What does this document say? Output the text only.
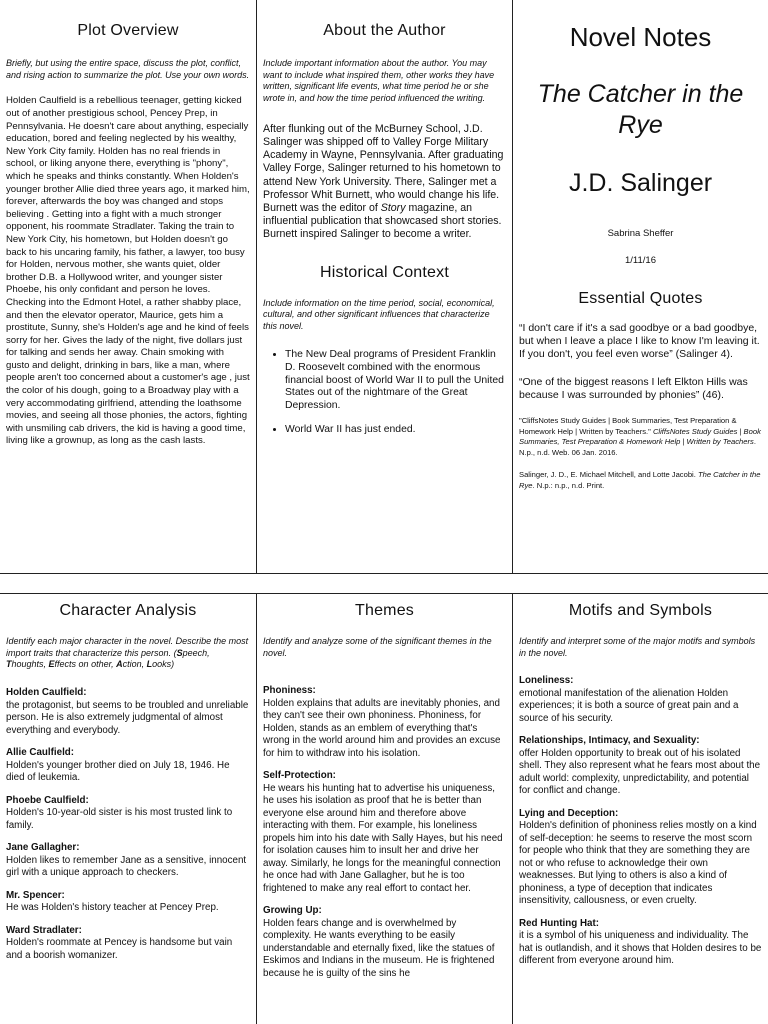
Plot Overview

Briefly, but using the entire space, discuss the plot, conflict, and rising action to summarize the plot. Use your own words.

Holden Caulfield is a rebellious teenager, getting kicked out of another prestigious school, Pencey Prep, in Pennsylvania. He doesn't care about anything, especially education, bored and feeling neglected by his wealthy, New York City family. Holden has no real friends in school, or liking anyone there, everything is "phony", which he speaks and thinks constantly. When Holden's younger brother Allie died three years ago, it marked him, forever, afterwards the boy was changed and stops believing . Getting into a fight with a much stronger opponent, his roommate Stradlater. Taking the train to New York City, his hometown, but Holden doesn't go back to his uncaring family, his father, a lawyer, too busy for Holden, nervous mother, she wants quiet, older brother D.B. a Hollywood writer, and younger sister Phoebe, his only confidant and person he loves. Checking into the Edmont Hotel, a rather shabby place, and then the elevator operator, Maurice, gets him a prostitute, Sunny, she's Holden's age and he kind of feels sorry for her. Gives the lady of the night, five dollars just for talking and sends her away. Chain smoking with gusto and delight, drinking in bars, like a man, where people aren't too concerned about a customer's age , just the color of his dough, going to a Broadway play with a very accommodating girlfriend, attending the loathsome movies, and seeing all those phonies, the actors, fighting with unsmiling cab drivers, the kid is having a good time, living like a grownup, as long as the cash lasts.

About the Author

Include important information about the author. You may want to include what inspired them, other works they have written, significant life events, what time period he or she wrote in, and how the time period influenced the writing.

After flunking out of the McBurney School, J.D. Salinger was shipped off to Valley Forge Military Academy in Wayne, Pennsylvania. After graduating Valley Forge, Salinger returned to his hometown to attend New York University. There, Salinger met a Professor Whit Burnett, who would change his life. Burnett was the editor of Story magazine, an influential publication that showcased short stories. Burnett inspired Salinger to become a writer.

Historical Context

Include information on the time period, social, economical, cultural, and other significant influences that characterize this novel.

• The New Deal programs of President Franklin D. Roosevelt combined with the enormous financial boost of World War II to pull the United States out of the nightmare of the Great Depression.
• World War II has just ended.
Novel Notes

The Catcher in the Rye

J.D. Salinger

Sabrina Sheffer

1/11/16

Essential Quotes

“I don't care if it's a sad goodbye or a bad goodbye, but when I leave a place I like to know I'm leaving it. If you don't, you feel even worse” (Salinger 4).

“One of the biggest reasons I left Elkton Hills was because I was surrounded by phonies” (46).

"CliffsNotes Study Guides | Book Summaries, Test Preparation & Homework Help | Written by Teachers." CliffsNotes Study Guides | Book Summaries, Test Preparation & Homework Help | Written by Teachers. N.p., n.d. Web. 06 Jan. 2016.

Salinger, J. D., E. Michael Mitchell, and Lotte Jacobi. The Catcher in the Rye. N.p.: n.p., n.d. Print.

Character Analysis

Identify each major character in the novel. Describe the most import traits that characterize this person. (Speech, Thoughts, Effects on other, Action, Looks)

Holden Caulfield:

the protagonist, but seems to be troubled and unreliable person. He is also extremely judgmental of almost everything and everybody.

Allie Caulfield:

Holden's younger brother died on July 18, 1946. He died of leukemia.

Phoebe Caulfield:

Holden's 10-year-old sister is his most trusted link to family.

Jane Gallagher:

Holden likes to remember Jane as a sensitive, innocent girl with a unique approach to checkers.

Mr. Spencer:

He was Holden's history teacher at Pencey Prep.

Ward Stradlater:

Holden's roommate at Pencey is handsome but vain and a boorish womanizer.

Themes

Identify and analyze some of the significant themes in the novel.

Phoniness:

Holden explains that adults are inevitably phonies, and they can't see their own phoniness. Phoniness, for Holden, stands as an emblem of everything that's wrong in the world around him and provides an excuse for him to withdraw into his isolation.

Self-Protection:

He wears his hunting hat to advertise his uniqueness, he uses his isolation as proof that he is better than everyone else around him and therefore above interacting with them. For example, his loneliness propels him into his date with Sally Hayes, but his need for isolation causes him to insult her and drive her away. Similarly, he longs for the meaningful connection he once had with Jane Gallagher, but he is too frightened to make any real effort to contact her.

Growing Up:

Holden fears change and is overwhelmed by complexity. He wants everything to be easily understandable and eternally fixed, like the statues of Eskimos and Indians in the museum. He is frightened because he is guilty of the sins he

Motifs and Symbols

Identify and interpret some of the major motifs and symbols in the novel.

Loneliness:

emotional manifestation of the alienation Holden experiences; it is both a source of great pain and a source of his security.

Relationships, Intimacy, and Sexuality:

offer Holden opportunity to break out of his isolated shell. They also represent what he fears most about the adult world: complexity, unpredictability, and potential for conflict and change.

Lying and Deception:

Holden's definition of phoniness relies mostly on a kind of self-deception: he seems to reserve the most scorn for people who think that they are something they are not or who refuse to acknowledge their own weaknesses. But lying to others is also a kind of phoniness, a type of deception that indicates insensitivity, callousness, or even cruelty.

Red Hunting Hat:

it is a symbol of his uniqueness and individuality. The hat is outlandish, and it shows that Holden desires to be different from everyone around him.
